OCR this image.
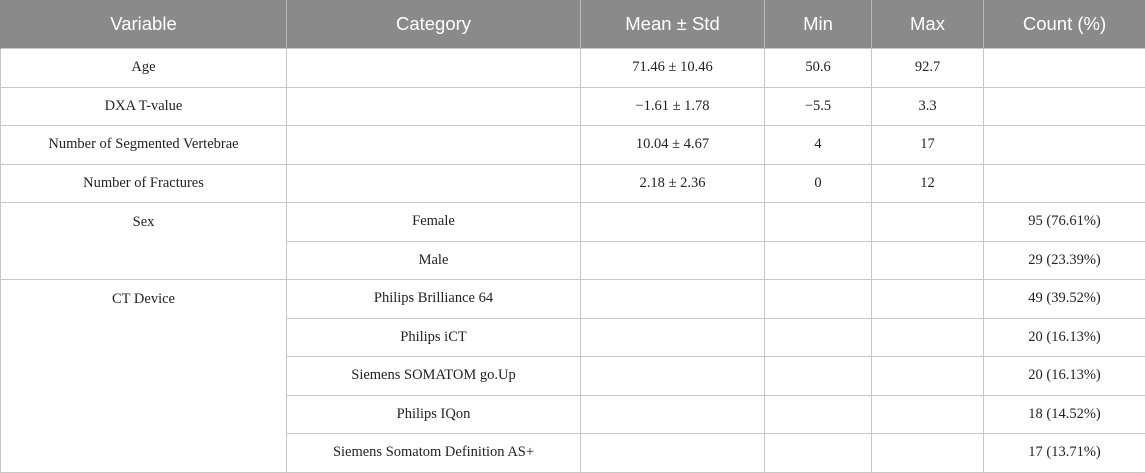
Variable	Category	Mean ± Std	Min	Max	Count (%)
Age		71.46 ± 10.46	50.6	92.7	
DXA T-value		−1.61 ± 1.78	−5.5	3.3	
Number of Segmented Vertebrae		10.04 ± 4.67	4	17	
Number of Fractures		2.18 ± 2.36	0	12	
Sex	Female				95 (76.61%)
	Male				29 (23.39%)
CT Device	Philips Brilliance 64				49 (39.52%)
	Philips iCT				20 (16.13%)
	Siemens SOMATOM go.Up				20 (16.13%)
	Philips IQon				18 (14.52%)
	Siemens Somatom Definition AS+				17 (13.71%)
